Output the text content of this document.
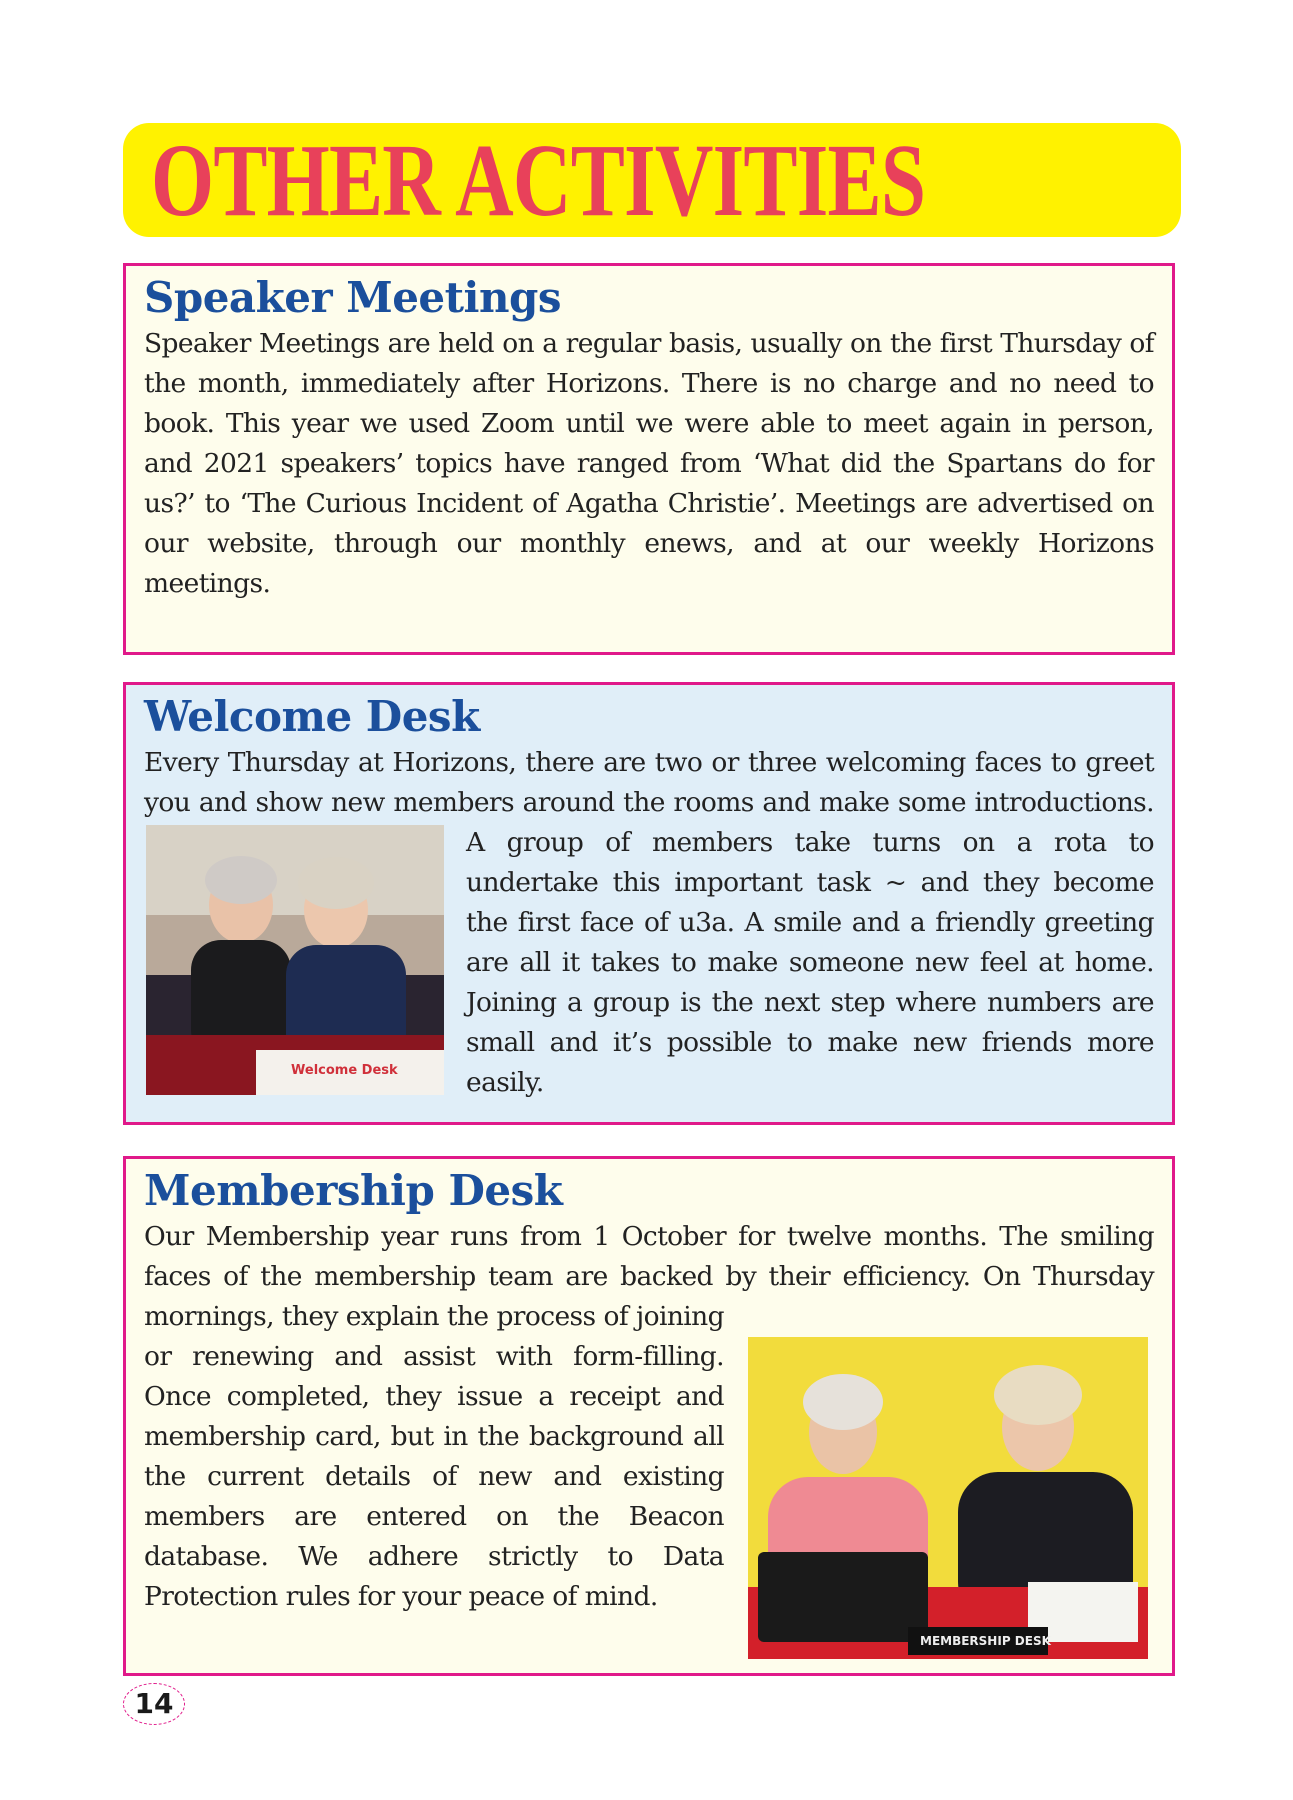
OTHER ACTIVITIES
Speaker Meetings

Speaker Meetings are held on a regular basis, usually on the first Thursday of the month, immediately after Horizons. There is no charge and no need to book. This year we used Zoom until we were able to meet again in person, and 2021 speakers’ topics have ranged from ‘What did the Spartans do for us?’ to ‘The Curious Incident of Agatha Christie’. Meetings are advertised on our website, through our monthly enews, and at our weekly Horizons meetings.

Welcome Desk
Welcome Desk

Every Thursday at Horizons, there are two or three welcoming faces to greet you and show new members around the rooms and make some introductions. A group of members take turns on a rota to undertake this important task ~ and they become the first face of u3a. A smile and a friendly greeting are all it takes to make someone new feel at home. Joining a group is the next step where numbers are small and it’s possible to make new friends more easily.

Membership Desk
MEMBERSHIP DESK

Our Membership year runs from 1 October for twelve months. The smiling faces of the membership team are backed by their efficiency. On Thursday mornings, they explain the process of joining or renewing and assist with form-filling. Once completed, they issue a receipt and membership card, but in the background all the current details of new and existing members are entered on the Beacon database. We adhere strictly to Data Protection rules for your peace of mind.

14
